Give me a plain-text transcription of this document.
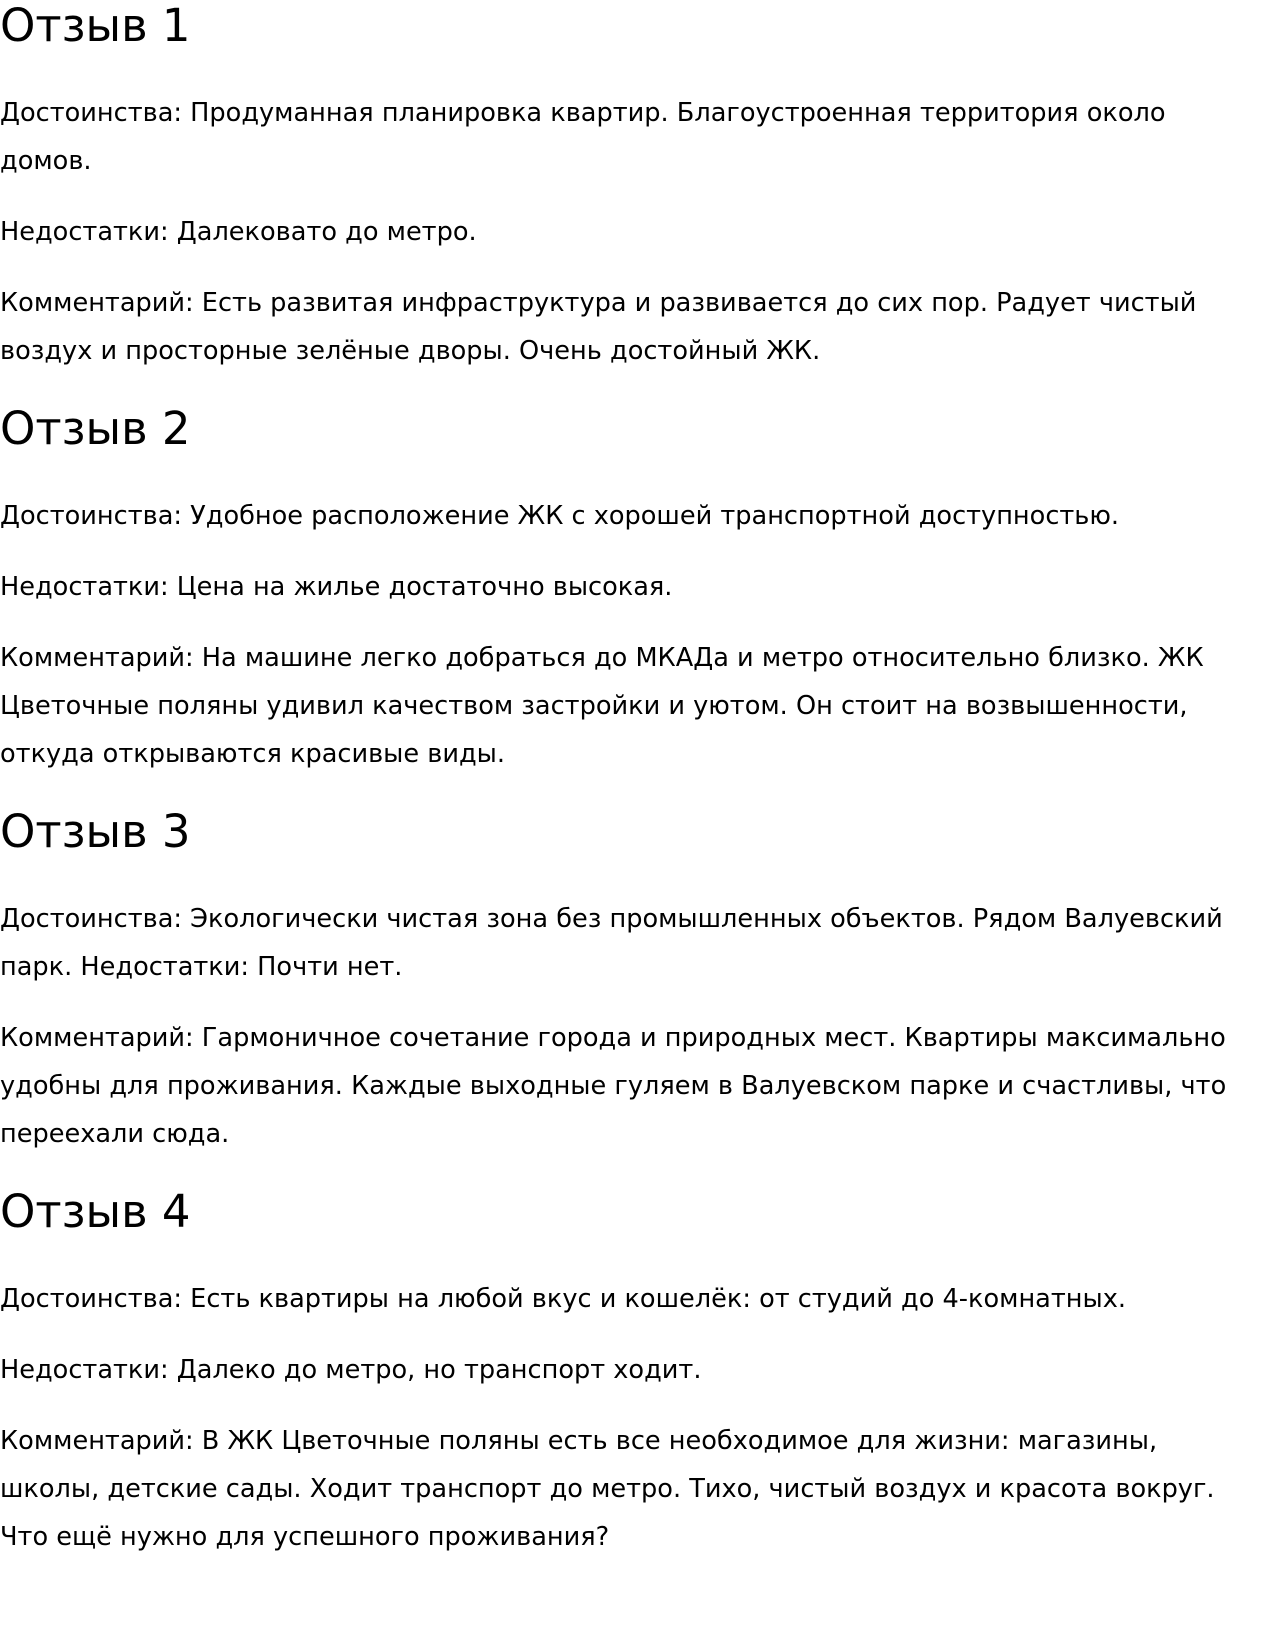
Отзыв 1

Достоинства: Продуманная планировка квартир. Благоустроенная территория около домов.

Недостатки: Далековато до метро.

Комментарий: Есть развитая инфраструктура и развивается до сих пор. Радует чистый воздух и просторные зелёные дворы. Очень достойный ЖК.

Отзыв 2

Достоинства: Удобное расположение ЖК с хорошей транспортной доступностью.

Недостатки: Цена на жилье достаточно высокая.

Комментарий: На машине легко добраться до МКАДа и метро относительно близко. ЖК Цветочные поляны удивил качеством застройки и уютом. Он стоит на возвышенности, откуда открываются красивые виды.

Отзыв 3

Достоинства: Экологически чистая зона без промышленных объектов. Рядом Валуевский парк. Недостатки: Почти нет.

Комментарий: Гармоничное сочетание города и природных мест. Квартиры максимально удобны для проживания. Каждые выходные гуляем в Валуевском парке и счастливы, что переехали сюда.

Отзыв 4

Достоинства: Есть квартиры на любой вкус и кошелёк: от студий до 4-комнатных.

Недостатки: Далеко до метро, но транспорт ходит.

Комментарий: В ЖК Цветочные поляны есть все необходимое для жизни: магазины, школы, детские сады. Ходит транспорт до метро. Тихо, чистый воздух и красота вокруг. Что ещё нужно для успешного проживания?
